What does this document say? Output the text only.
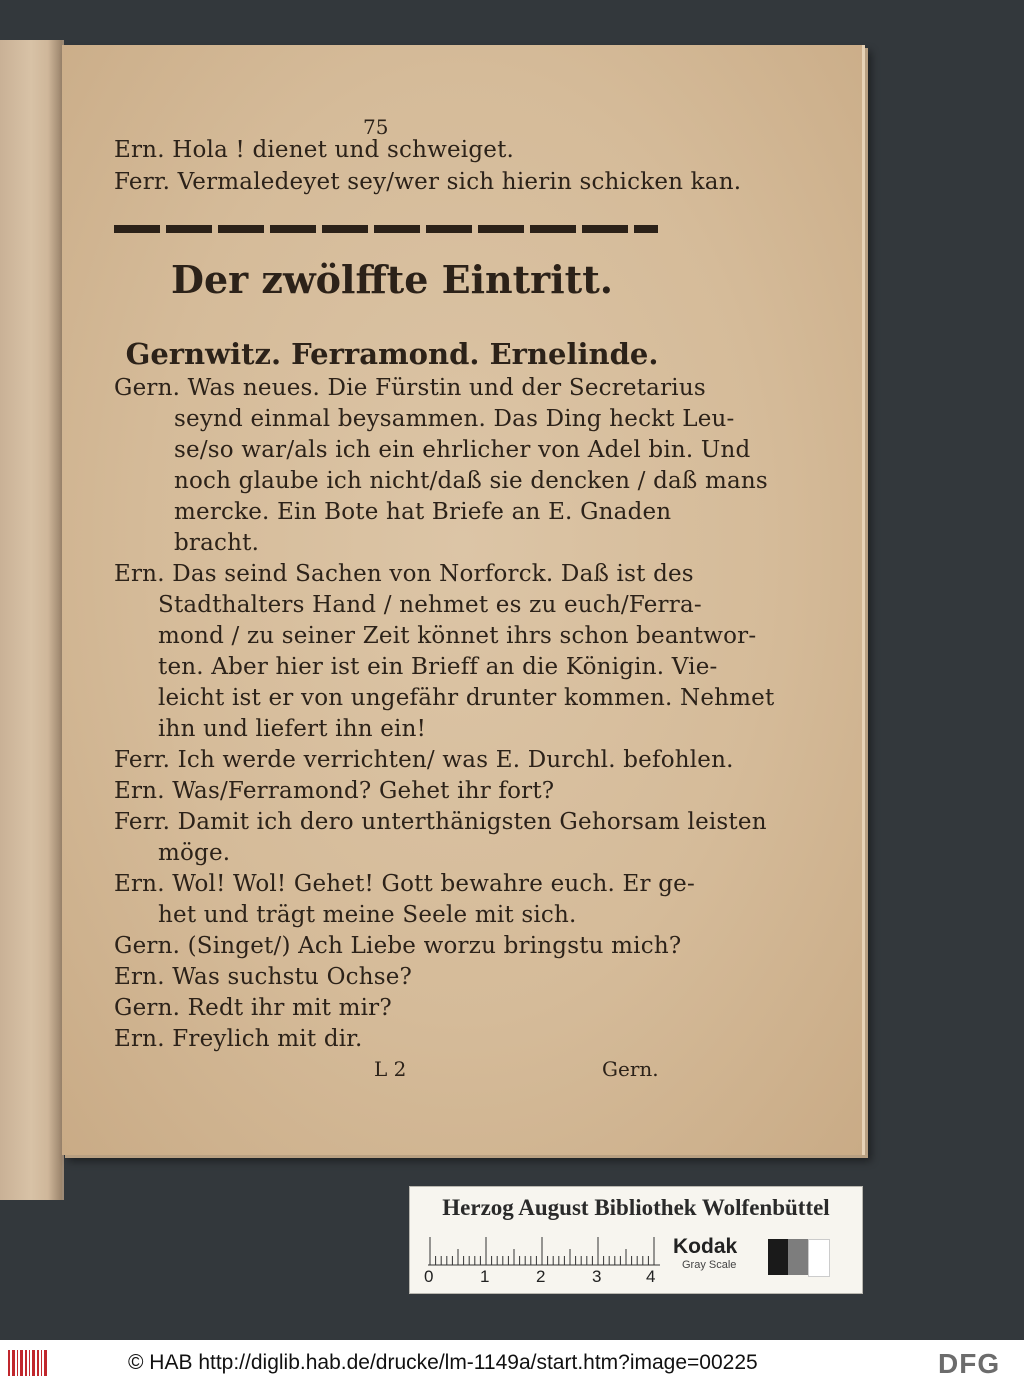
75
Ern. Hola ! dienet und schweiget.
Ferr. Vermaledeyet sey/wer sich hierin schicken kan.
Der zwölffte Eintritt.
Gernwitz. Ferramond. Ernelinde.
Gern. Was neues. Die Fürstin und der Secretarius
seynd einmal beysammen. Das Ding heckt Leu-
se/so war/als ich ein ehrlicher von Adel bin. Und
noch glaube ich nicht/daß sie dencken / daß mans
mercke. Ein Bote hat Briefe an E. Gnaden
bracht.
Ern. Das seind Sachen von Norforck. Daß ist des
Stadthalters Hand / nehmet es zu euch/Ferra-
mond / zu seiner Zeit könnet ihrs schon beantwor-
ten. Aber hier ist ein Brieff an die Königin. Vie-
leicht ist er von ungefähr drunter kommen. Nehmet
ihn und liefert ihn ein!
Ferr. Ich werde verrichten/ was E. Durchl. befohlen.
Ern. Was/Ferramond? Gehet ihr fort?
Ferr. Damit ich dero unterthänigsten Gehorsam leisten
möge.
Ern. Wol! Wol! Gehet! Gott bewahre euch. Er ge-
het und trägt meine Seele mit sich.
Gern. (Singet/) Ach Liebe worzu bringstu mich?
Ern. Was suchstu Ochse?
Gern. Redt ihr mit mir?
Ern. Freylich mit dir.
L 2	Gern.
Herzog August Bibliothek Wolfenbüttel
0	1	2	3	4
Kodak
Gray Scale
© HAB http://diglib.hab.de/drucke/lm-1149a/start.htm?image=00225	DFG
